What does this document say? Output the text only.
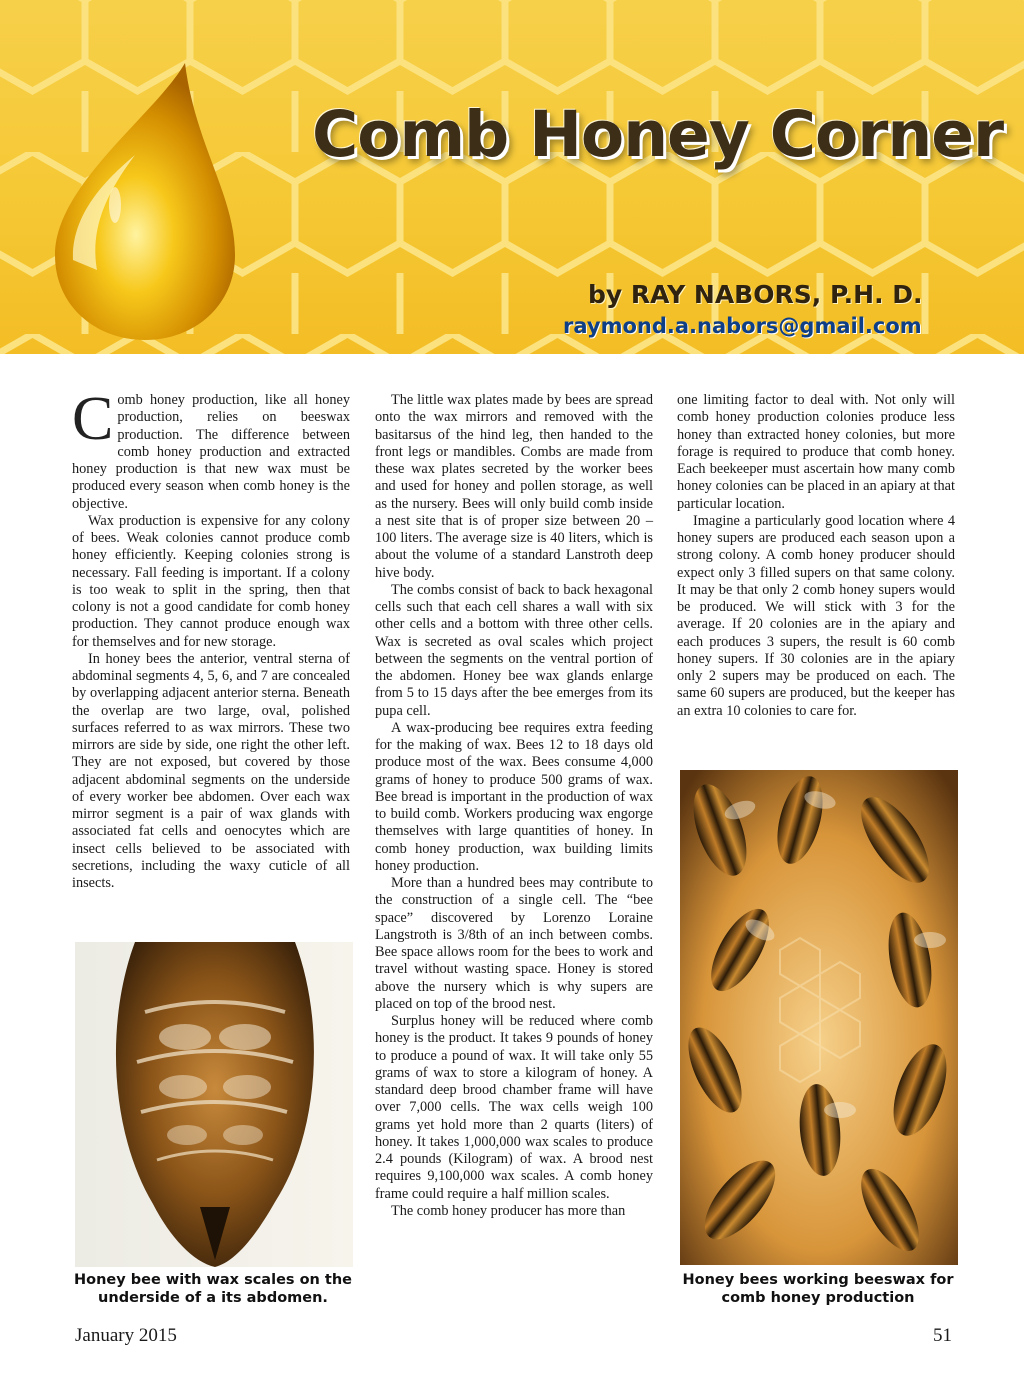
Comb Honey Corner
by RAY NABORS, P.H. D.
raymond.a.nabors@gmail.com

Comb honey production, like all honey production, relies on beeswax production. The difference between comb honey production and extracted honey production is that new wax must be produced every season when comb honey is the objective.

Wax production is expensive for any colony of bees. Weak colonies cannot produce comb honey efficiently. Keeping colonies strong is necessary. Fall feeding is important. If a colony is too weak to split in the spring, then that colony is not a good candidate for comb honey production. They cannot produce enough wax for themselves and for new storage.

In honey bees the anterior, ventral sterna of abdominal segments 4, 5, 6, and 7 are concealed by overlapping adjacent anterior sterna. Beneath the overlap are two large, oval, polished surfaces referred to as wax mirrors. These two mirrors are side by side, one right the other left. They are not exposed, but covered by those adjacent abdominal segments on the underside of every worker bee abdomen. Over each wax mirror segment is a pair of wax glands with associated fat cells and oenocytes which are insect cells believed to be associated with secretions, including the waxy cuticle of all insects.

The little wax plates made by bees are spread onto the wax mirrors and removed with the basitarsus of the hind leg, then handed to the front legs or mandibles. Combs are made from these wax plates secreted by the worker bees and used for honey and pollen storage, as well as the nursery. Bees will only build comb inside a nest site that is of proper size between 20 – 100 liters. The average size is 40 liters, which is about the volume of a standard Lanstroth deep hive body.

The combs consist of back to back hexagonal cells such that each cell shares a wall with six other cells and a bottom with three other cells. Wax is secreted as oval scales which project between the segments on the ventral portion of the abdomen. Honey bee wax glands enlarge from 5 to 15 days after the bee emerges from its pupa cell.

A wax-producing bee requires extra feeding for the making of wax. Bees 12 to 18 days old produce most of the wax. Bees consume 4,000 grams of honey to produce 500 grams of wax. Bee bread is important in the production of wax to build comb. Workers producing wax engorge themselves with large quantities of honey. In comb honey production, wax building limits honey production.

More than a hundred bees may contribute to the construction of a single cell. The “bee space” discovered by Lorenzo Loraine Langstroth is 3/8th of an inch between combs. Bee space allows room for the bees to work and travel without wasting space. Honey is stored above the nursery which is why supers are placed on top of the brood nest.

Surplus honey will be reduced where comb honey is the product. It takes 9 pounds of honey to produce a pound of wax. It will take only 55 grams of wax to store a kilogram of honey. A standard deep brood chamber frame will have over 7,000 cells. The wax cells weigh 100 grams yet hold more than 2 quarts (liters) of honey. It takes 1,000,000 wax scales to produce 2.4 pounds (Kilogram) of wax. A brood nest requires 9,100,000 wax scales. A comb honey frame could require a half million scales.

The comb honey producer has more than

one limiting factor to deal with. Not only will comb honey production colonies produce less honey than extracted honey colonies, but more forage is required to produce that comb honey. Each beekeeper must ascertain how many comb honey colonies can be placed in an apiary at that particular location.

Imagine a particularly good location where 4 honey supers are produced each season upon a strong colony. A comb honey producer should expect only 3 filled supers on that same colony. It may be that only 2 comb honey supers would be produced. We will stick with 3 for the average. If 20 colonies are in the apiary and each produces 3 supers, the result is 60 comb honey supers. If 30 colonies are in the apiary only 2 supers may be produced on each. The same 60 supers are produced, but the keeper has an extra 10 colonies to care for.

Honey bee with wax scales on the underside of a its abdomen.
Honey bees working beeswax for comb honey production
January 2015	51
